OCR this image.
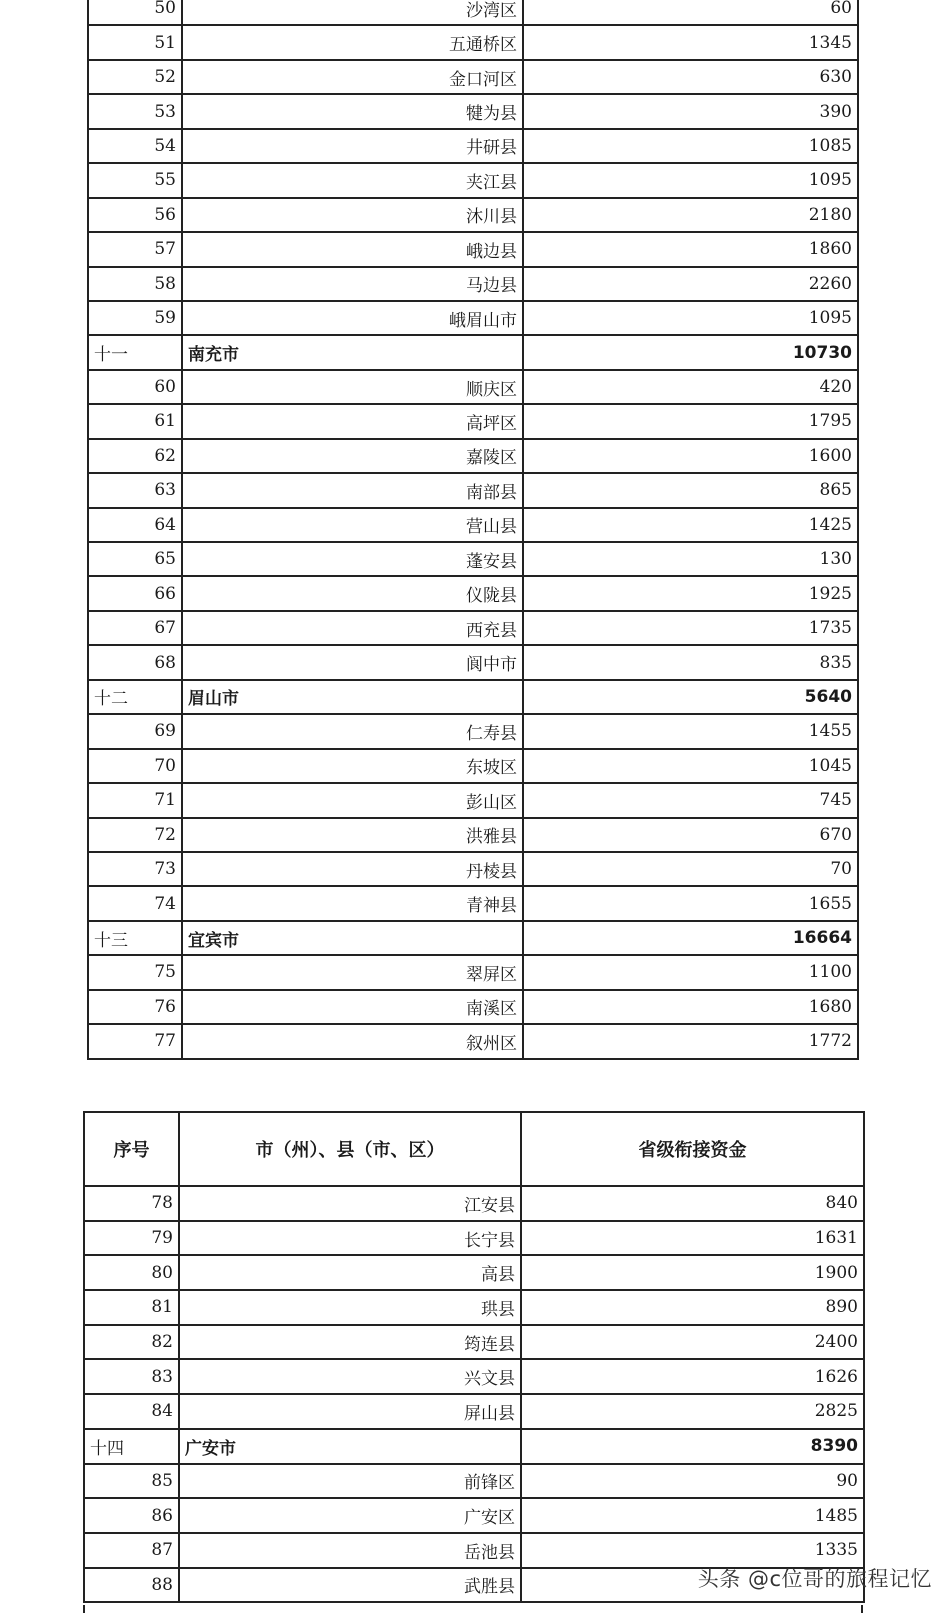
50	沙湾区	60
51	五通桥区	1345
52	金口河区	630
53	犍为县	390
54	井研县	1085
55	夹江县	1095
56	沐川县	2180
57	峨边县	1860
58	马边县	2260
59	峨眉山市	1095
十一	南充市	10730
60	顺庆区	420
61	高坪区	1795
62	嘉陵区	1600
63	南部县	865
64	营山县	1425
65	蓬安县	130
66	仪陇县	1925
67	西充县	1735
68	阆中市	835
十二	眉山市	5640
69	仁寿县	1455
70	东坡区	1045
71	彭山区	745
72	洪雅县	670
73	丹棱县	70
74	青神县	1655
十三	宜宾市	16664
75	翠屏区	1100
76	南溪区	1680
77	叙州区	1772
序号	市（州）、县（市、区）	省级衔接资金
78	江安县	840
79	长宁县	1631
80	高县	1900
81	珙县	890
82	筠连县	2400
83	兴文县	1626
84	屏山县	2825
十四	广安市	8390
85	前锋区	90
86	广安区	1485
87	岳池县	1335
88	武胜县		头条 @c位哥的旅程记忆
